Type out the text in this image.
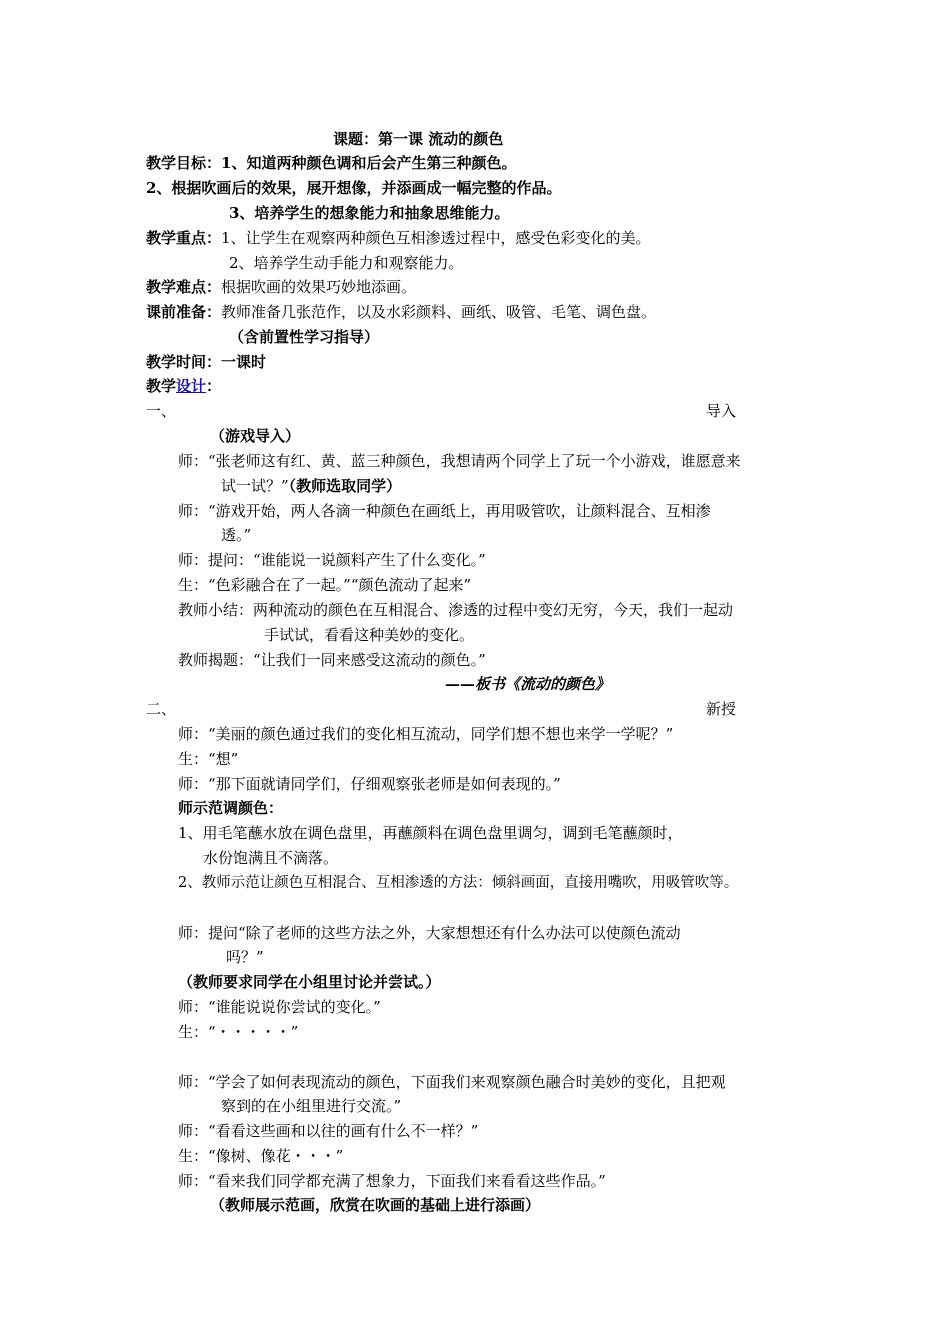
课题：第一课 流动的颜色
教学目标：1、知道两种颜色调和后会产生第三种颜色。
2、根据吹画后的效果，展开想像，并添画成一幅完整的作品。
3、培养学生的想象能力和抽象思维能力。
教学重点：1、让学生在观察两种颜色互相渗透过程中，感受色彩变化的美。
2、培养学生动手能力和观察能力。
教学难点：根据吹画的效果巧妙地添画。
课前准备：教师准备几张范作，以及水彩颜料、画纸、吸管、毛笔、调色盘。
（含前置性学习指导）
教学时间：一课时
教学设计：
一、	导入
（游戏导入）
师：“张老师这有红、黄、蓝三种颜色，我想请两个同学上了玩一个小游戏，谁愿意来
试一试？”（教师选取同学）
师：“游戏开始，两人各滴一种颜色在画纸上，再用吸管吹，让颜料混合、互相渗
透。”
师：提问：“谁能说一说颜料产生了什么变化。”
生：“色彩融合在了一起。”“颜色流动了起来”
教师小结：两种流动的颜色在互相混合、渗透的过程中变幻无穷，今天，我们一起动
手试试，看看这种美妙的变化。
教师揭题：“让我们一同来感受这流动的颜色。”
——板书《流动的颜色》
二、	新授
师：“美丽的颜色通过我们的变化相互流动，同学们想不想也来学一学呢？”
生：“想”
师：“那下面就请同学们，仔细观察张老师是如何表现的。”
师示范调颜色：
1、用毛笔蘸水放在调色盘里，再蘸颜料在调色盘里调匀，调到毛笔蘸颜时，
水份饱满且不滴落。
2、教师示范让颜色互相混合、互相渗透的方法：倾斜画面，直接用嘴吹，用吸管吹等。
师：提问“除了老师的这些方法之外，大家想想还有什么办法可以使颜色流动
吗？”
（教师要求同学在小组里讨论并尝试。）
师：“谁能说说你尝试的变化。”
生：“・・・・・”
师：“学会了如何表现流动的颜色，下面我们来观察颜色融合时美妙的变化，且把观
察到的在小组里进行交流。”
师：“看看这些画和以往的画有什么不一样？”
生：“像树、像花・・・”
师：“看来我们同学都充满了想象力，下面我们来看看这些作品。”
（教师展示范画，欣赏在吹画的基础上进行添画）
